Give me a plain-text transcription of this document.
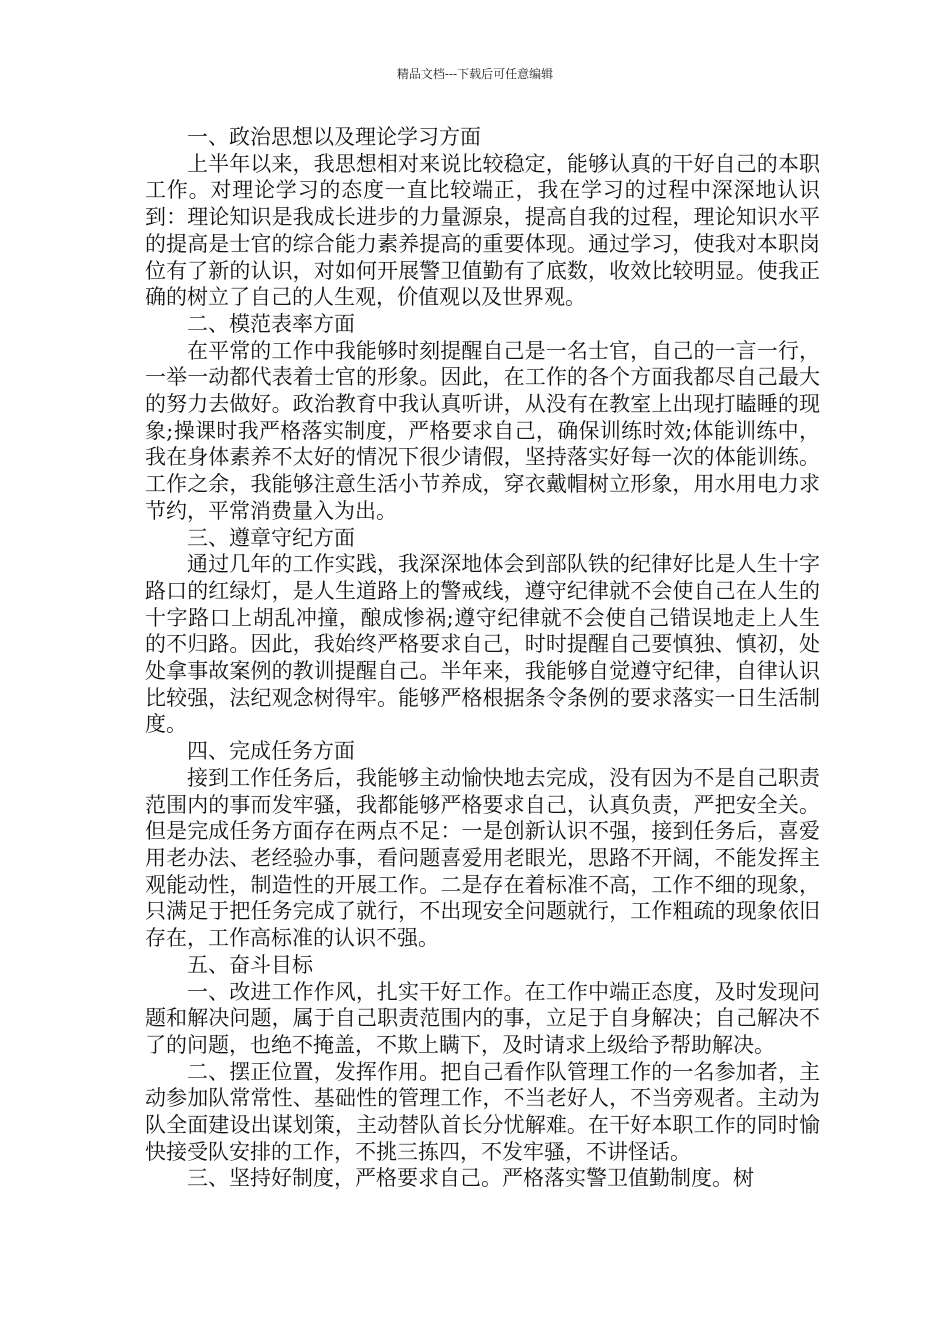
精品文档---下载后可任意编辑

一、政治思想以及理论学习方面

上半年以来，我思想相对来说比较稳定，能够认真的干好自己的本职工作。对理论学习的态度一直比较端正，我在学习的过程中深深地认识到：理论知识是我成长进步的力量源泉，提高自我的过程，理论知识水平的提高是士官的综合能力素养提高的重要体现。通过学习，使我对本职岗位有了新的认识，对如何开展警卫值勤有了底数，收效比较明显。使我正确的树立了自己的人生观，价值观以及世界观。

二、模范表率方面

在平常的工作中我能够时刻提醒自己是一名士官，自己的一言一行，一举一动都代表着士官的形象。因此，在工作的各个方面我都尽自己最大的努力去做好。政治教育中我认真听讲，从没有在教室上出现打瞌睡的现象;操课时我严格落实制度，严格要求自己，确保训练时效;体能训练中，我在身体素养不太好的情况下很少请假，坚持落实好每一次的体能训练。工作之余，我能够注意生活小节养成，穿衣戴帽树立形象，用水用电力求节约，平常消费量入为出。

三、遵章守纪方面

通过几年的工作实践，我深深地体会到部队铁的纪律好比是人生十字路口的红绿灯，是人生道路上的警戒线，遵守纪律就不会使自己在人生的十字路口上胡乱冲撞，酿成惨祸;遵守纪律就不会使自己错误地走上人生的不归路。因此，我始终严格要求自己，时时提醒自己要慎独、慎初，处处拿事故案例的教训提醒自己。半年来，我能够自觉遵守纪律，自律认识比较强，法纪观念树得牢。能够严格根据条令条例的要求落实一日生活制度。

四、完成任务方面

接到工作任务后，我能够主动愉快地去完成，没有因为不是自己职责范围内的事而发牢骚，我都能够严格要求自己，认真负责，严把安全关。但是完成任务方面存在两点不足：一是创新认识不强，接到任务后，喜爱用老办法、老经验办事，看问题喜爱用老眼光，思路不开阔，不能发挥主观能动性，制造性的开展工作。二是存在着标准不高，工作不细的现象，只满足于把任务完成了就行，不出现安全问题就行，工作粗疏的现象依旧存在，工作高标准的认识不强。

五、奋斗目标

一、改进工作作风，扎实干好工作。在工作中端正态度，及时发现问题和解决问题，属于自己职责范围内的事，立足于自身解决；自己解决不了的问题，也绝不掩盖，不欺上瞒下，及时请求上级给予帮助解决。

二、摆正位置，发挥作用。把自己看作队管理工作的一名参加者，主动参加队常常性、基础性的管理工作，不当老好人，不当旁观者。主动为队全面建设出谋划策，主动替队首长分忧解难。在干好本职工作的同时愉快接受队安排的工作，不挑三拣四，不发牢骚，不讲怪话。

三、坚持好制度，严格要求自己。严格落实警卫值勤制度。树
